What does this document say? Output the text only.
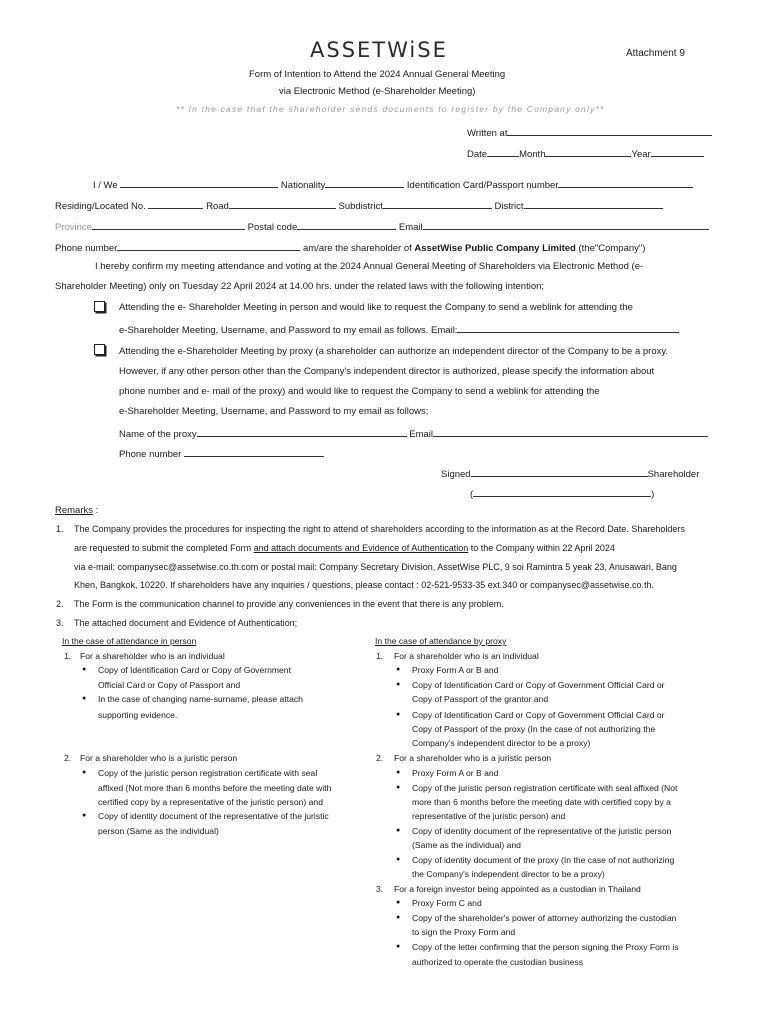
ASSETWiSE	Attachment 9
Form of Intention to Attend the 2024 Annual General Meeting
via Electronic Method (e-Shareholder Meeting)
** In the case that the shareholder sends documents to register by the Company only**
Written at
Date	Month	Year
I / We	Nationality	Identification Card/Passport number
Residing/Located No.	Road	Subdistrict	District
Province	Postal code	Email
Phone number	am/are the shareholder of AssetWise Public Company Limited (the"Company")
I hereby confirm my meeting attendance and voting at the 2024 Annual General Meeting of Shareholders via Electronic Method (e-
Shareholder Meeting) only on Tuesday 22 April 2024 at 14.00 hrs. under the related laws with the following intention;
Attending the e- Shareholder Meeting in person and would like to request the Company to send a weblink for attending the
e-Shareholder Meeting, Username, and Password to my email as follows. Email:
Attending the e-Shareholder Meeting by proxy (a shareholder can authorize an independent director of the Company to be a proxy.
However, if any other person other than the Company's independent director is authorized, please specify the information about
phone number and e- mail of the proxy) and would like to request the Company to send a weblink for attending the
e-Shareholder Meeting, Username, and Password to my email as follows;
Name of the proxy	Email
Phone number
Signed	Shareholder
(	)
Remarks :
1. The Company provides the procedures for inspecting the right to attend of shareholders according to the information as at the Record Date. Shareholders
are requested to submit the completed Form and attach documents and Evidence of Authentication to the Company within 22 April 2024
via e-mail: companysec@assetwise.co.th.com or postal mail: Company Secretary Division, AssetWise PLC, 9 soi Ramintra 5 yeak 23, Anusawari, Bang
Khen, Bangkok, 10220. If shareholders have any inquiries / questions, please contact : 02-521-9533-35 ext.340 or companysec@assetwise.co.th.
2. The Form is the communication channel to provide any conveniences in the event that there is any problem.
3. The attached document and Evidence of Authentication;
In the case of attendance in person
1. For a shareholder who is an individual
● Copy of Identification Card or Copy of Government
Official Card or Copy of Passport and
● In the case of changing name-surname, please attach
supporting evidence.
2. For a shareholder who is a juristic person
● Copy of the juristic person registration certificate with seal
affixed (Not more than 6 months before the meeting date with
certified copy by a representative of the juristic person) and
● Copy of identity document of the representative of the juristic
person (Same as the individual)
In the case of attendance by proxy
1. For a shareholder who is an individual
● Proxy Form A or B and
● Copy of Identification Card or Copy of Government Official Card or
Copy of Passport of the grantor and
● Copy of Identification Card or Copy of Government Official Card or
Copy of Passport of the proxy (In the case of not authorizing the
Company's independent director to be a proxy)
2. For a shareholder who is a juristic person
● Proxy Form A or B and
● Copy of the juristic person registration certificate with seal affixed (Not
more than 6 months before the meeting date with certified copy by a
representative of the juristic person) and
● Copy of identity document of the representative of the juristic person
(Same as the individual) and
● Copy of identity document of the proxy (In the case of not authorizing
the Company's independent director to be a proxy)
3. For a foreign investor being appointed as a custodian in Thailand
● Proxy Form C and
● Copy of the shareholder's power of attorney authorizing the custodian
to sign the Proxy Form and
● Copy of the letter confirming that the person signing the Proxy Form is
authorized to operate the custodian business
